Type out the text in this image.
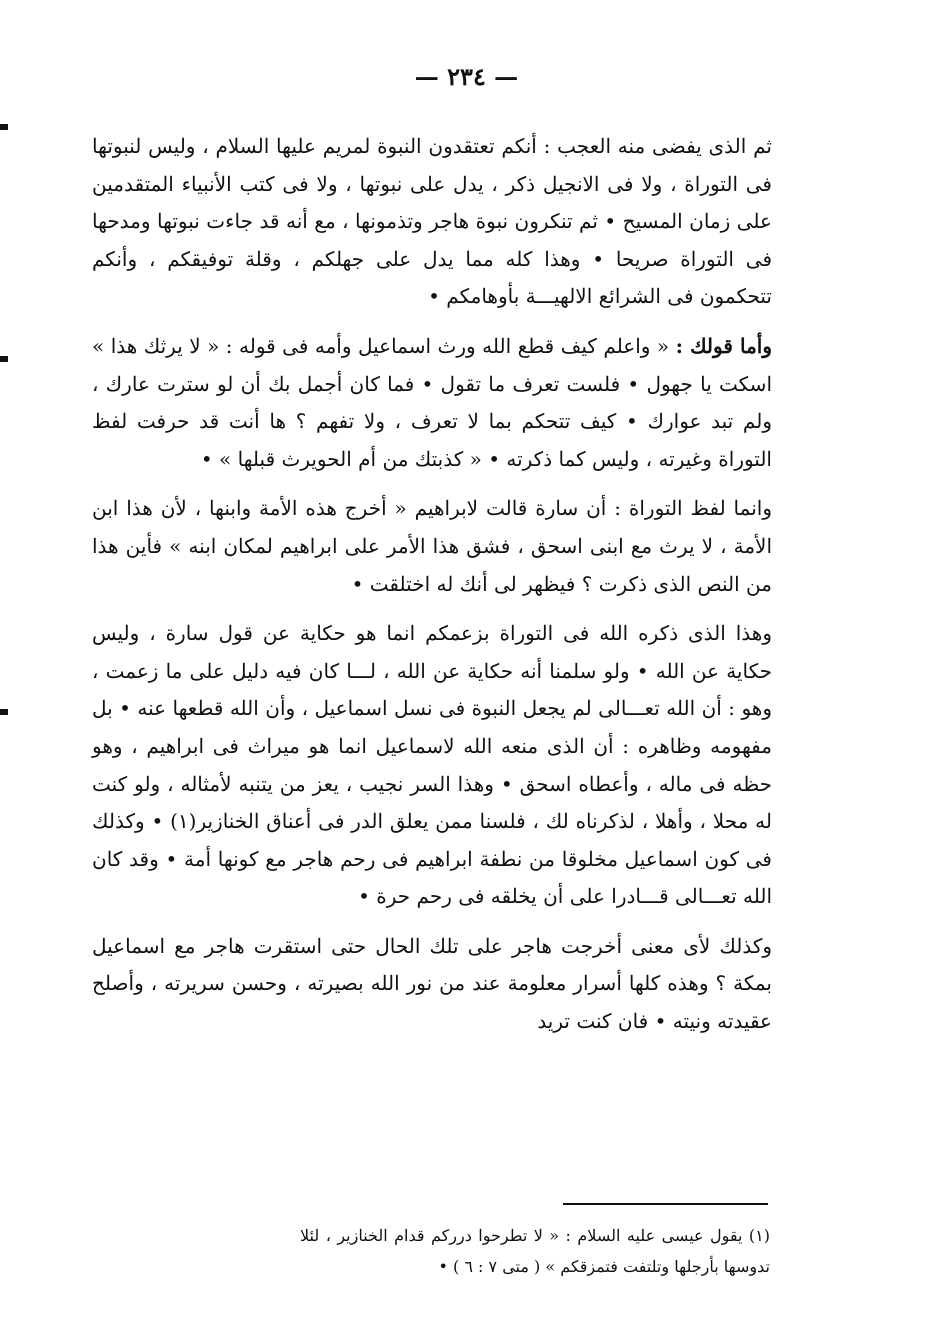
— ٢٣٤ —

ثم الذى يفضى منه العجب : أنكم تعتقدون النبوة لمريم عليها السلام ، وليس لنبوتها فى التوراة ، ولا فى الانجيل ذكر ، يدل على نبوتها ، ولا فى كتب الأنبياء المتقدمين على زمان المسيح • ثم تنكرون نبوة هاجر وتذمونها ، مع أنه قد جاءت نبوتها ومدحها فى التوراة صريحا • وهذا كله مما يدل على جهلكم ، وقلة توفيقكم ، وأنكم تتحكمون فى الشرائع الالهيـــة بأوهامكم •

وأما قولك : « واعلم كيف قطع الله ورث اسماعيل وأمه فى قوله : « لا يرثك هذا » اسكت يا جهول • فلست تعرف ما تقول • فما كان أجمل بك أن لو سترت عارك ، ولم تبد عوارك • كيف تتحكم بما لا تعرف ، ولا تفهم ؟ ها أنت قد حرفت لفظ التوراة وغيرته ، وليس كما ذكرته • « كذبتك من أم الحويرث قبلها » •

وانما لفظ التوراة : أن سارة قالت لابراهيم « أخرج هذه الأمة وابنها ، لأن هذا ابن الأمة ، لا يرث مع ابنى اسحق ، فشق هذا الأمر على ابراهيم لمكان ابنه » فأين هذا من النص الذى ذكرت ؟ فيظهر لى أنك له اختلقت •

وهذا الذى ذكره الله فى التوراة بزعمكم انما هو حكاية عن قول سارة ، وليس حكاية عن الله • ولو سلمنا أنه حكاية عن الله ، لـــا كان فيه دليل على ما زعمت ، وهو : أن الله تعـــالى لم يجعل النبوة فى نسل اسماعيل ، وأن الله قطعها عنه • بل مفهومه وظاهره : أن الذى منعه الله لاسماعيل انما هو ميراث فى ابراهيم ، وهو حظه فى ماله ، وأعطاه اسحق • وهذا السر نجيب ، يعز من يتنبه لأمثاله ، ولو كنت له محلا ، وأهلا ، لذكرناه لك ، فلسنا ممن يعلق الدر فى أعناق الخنازير(١) • وكذلك فى كون اسماعيل مخلوقا من نطفة ابراهيم فى رحم هاجر مع كونها أمة • وقد كان الله تعـــالى قـــادرا على أن يخلقه فى رحم حرة •

وكذلك لأى معنى أخرجت هاجر على تلك الحال حتى استقرت هاجر مع اسماعيل بمكة ؟ وهذه كلها أسرار معلومة عند من نور الله بصيرته ، وحسن سريرته ، وأصلح عقيدته ونيته • فان كنت تريد

(١) يقول عيسى عليه السلام : « لا تطرحوا درركم قدام الخنازير ، لئلا تدوسها بأرجلها وتلتفت فتمزقكم » ( متى ٧ : ٦ ) •
